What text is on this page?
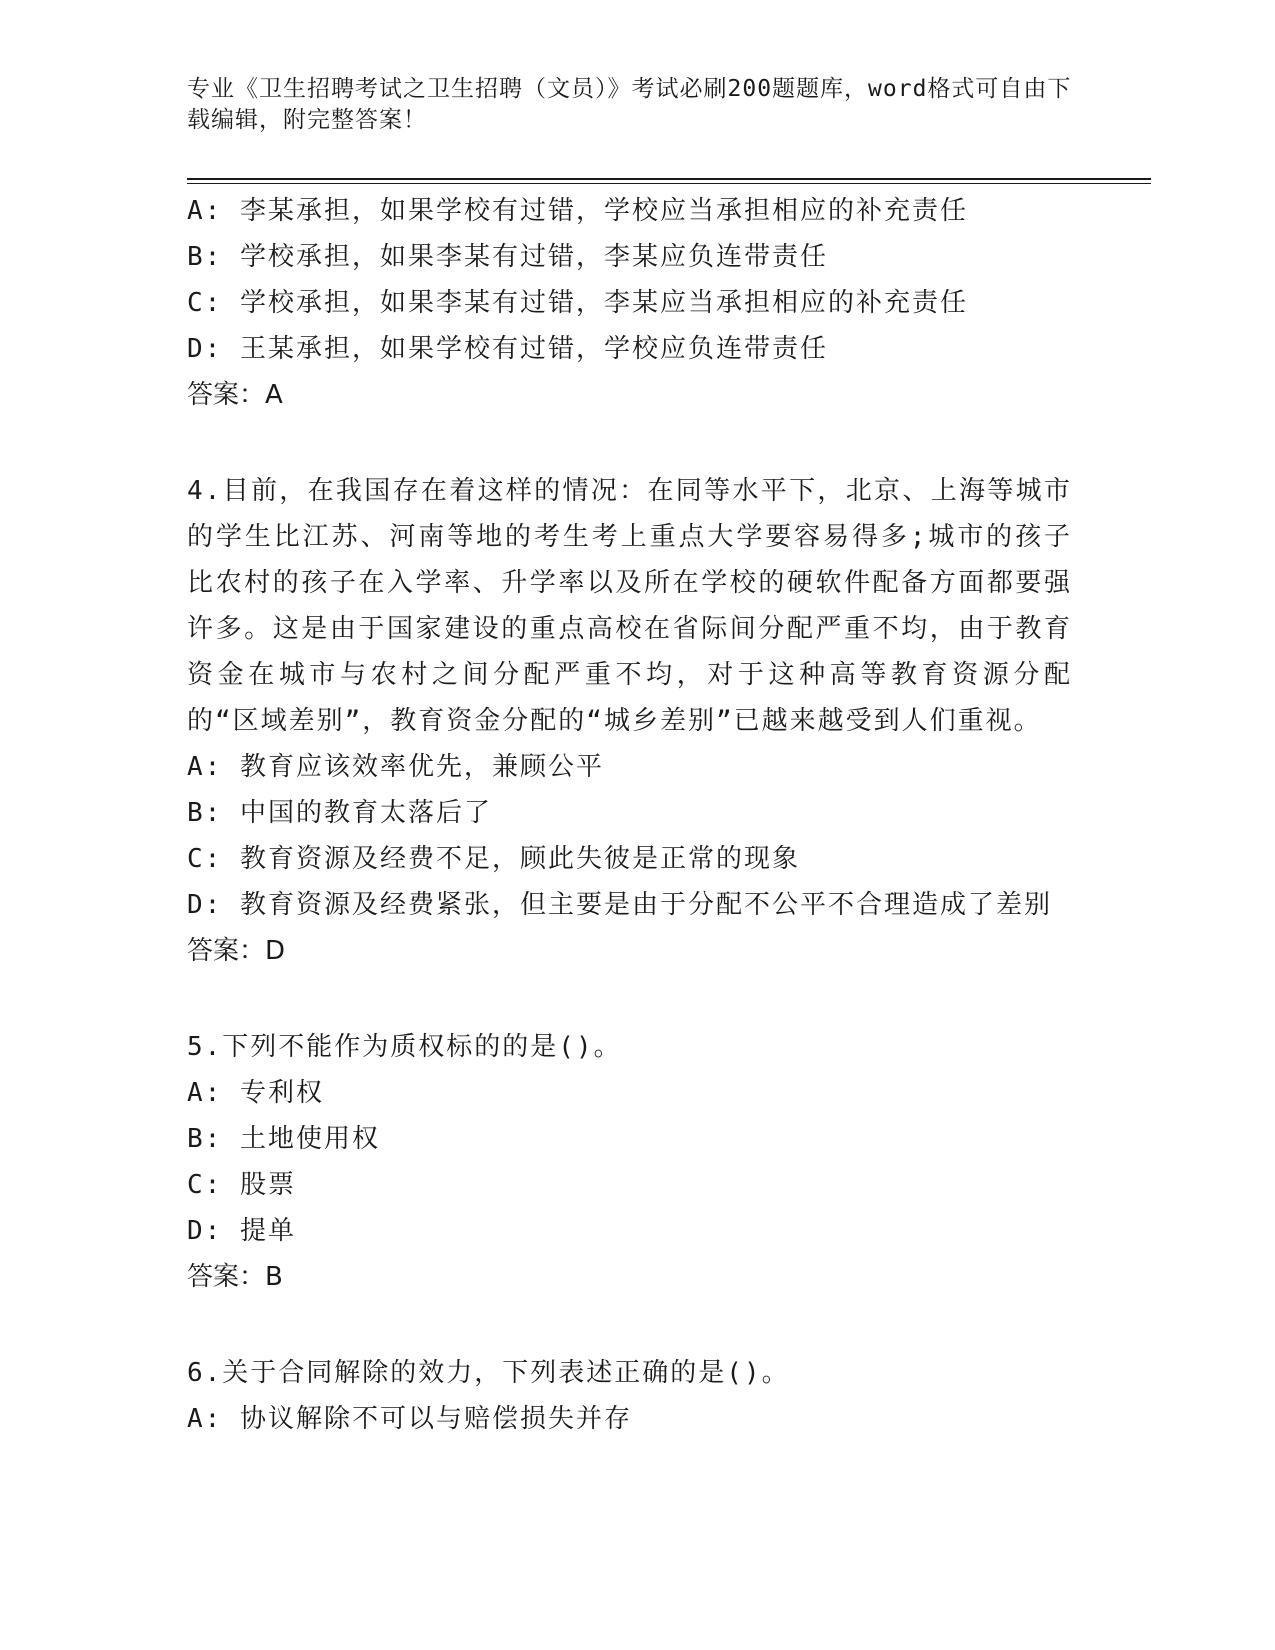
专业《卫生招聘考试之卫生招聘（文员）》考试必刷200题题库，word格式可自由下载编辑，附完整答案！

A: 李某承担，如果学校有过错，学校应当承担相应的补充责任

B: 学校承担，如果李某有过错，李某应负连带责任

C: 学校承担，如果李某有过错，李某应当承担相应的补充责任

D: 王某承担，如果学校有过错，学校应负连带责任

答案：A

4.目前，在我国存在着这样的情况：在同等水平下，北京、上海等城市的学生比江苏、河南等地的考生考上重点大学要容易得多;城市的孩子比农村的孩子在入学率、升学率以及所在学校的硬软件配备方面都要强许多。这是由于国家建设的重点高校在省际间分配严重不均，由于教育资金在城市与农村之间分配严重不均，对于这种高等教育资源分配的“区域差别”，教育资金分配的“城乡差别”已越来越受到人们重视。

A: 教育应该效率优先，兼顾公平

B: 中国的教育太落后了

C: 教育资源及经费不足，顾此失彼是正常的现象

D: 教育资源及经费紧张，但主要是由于分配不公平不合理造成了差别

答案：D

5.下列不能作为质权标的的是()。

A: 专利权

B: 土地使用权

C: 股票

D: 提单

答案：B

6.关于合同解除的效力，下列表述正确的是()。

A: 协议解除不可以与赔偿损失并存
